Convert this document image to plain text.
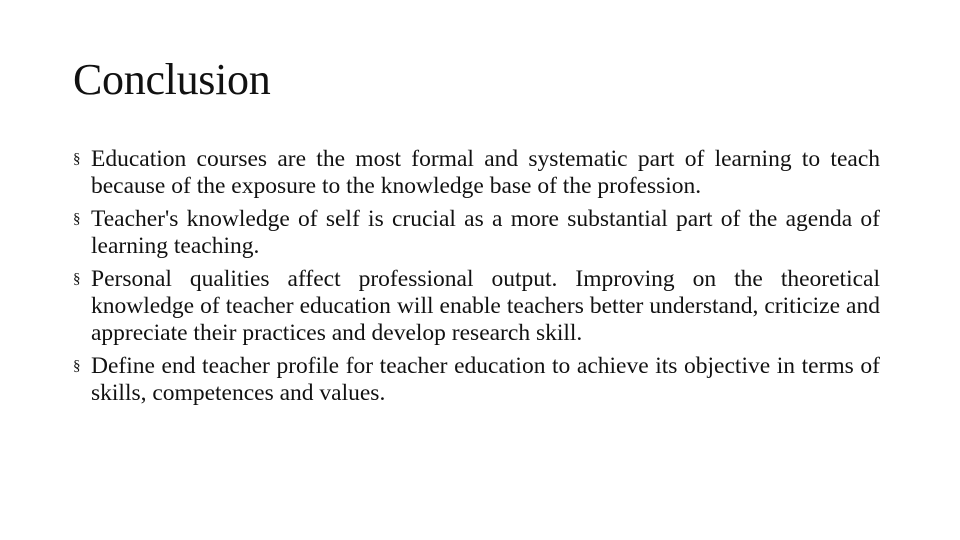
Conclusion
§ Education courses are the most formal and systematic part of learning to teach because of the exposure to the knowledge base of the profession.
§ Teacher's knowledge of self is crucial as a more substantial part of the agenda of learning teaching.
§ Personal qualities affect professional output. Improving on the theoretical knowledge of teacher education will enable teachers better understand, criticize and appreciate their practices and develop research skill.
§ Define end teacher profile for teacher education to achieve its objective in terms of skills, competences and values.
